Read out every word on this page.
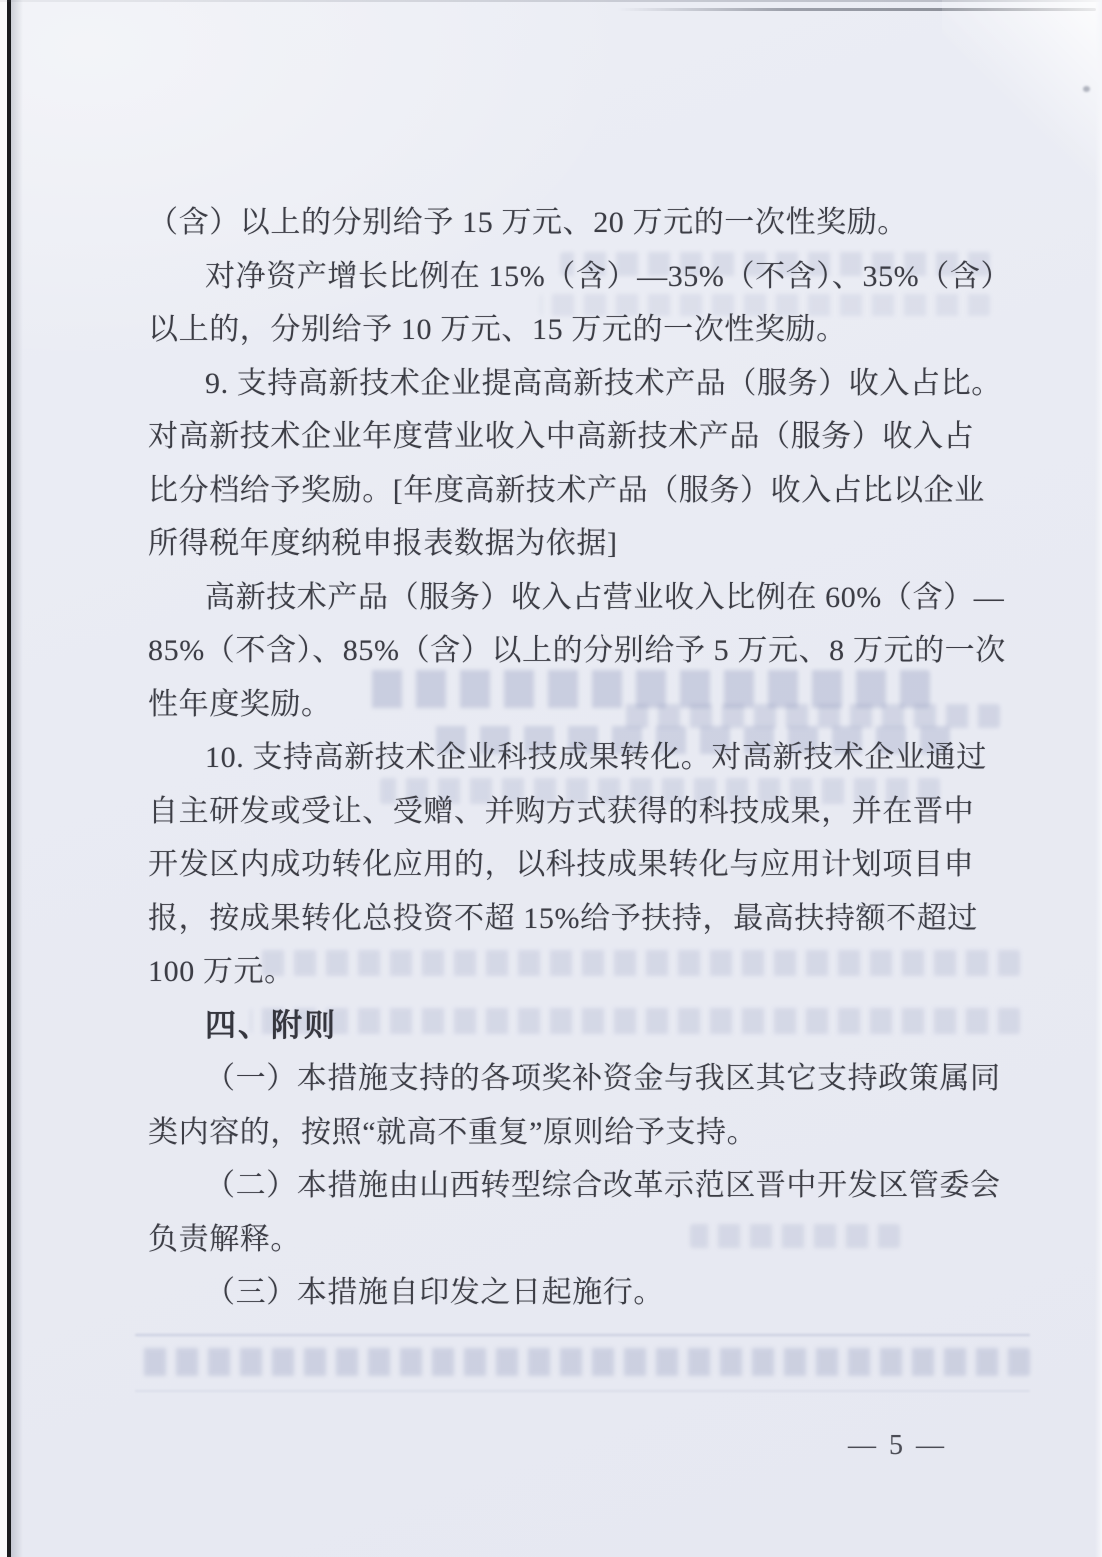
（含）以上的分别给予 15 万元、20 万元的一次性奖励。
对净资产增长比例在 15%（含）—35%（不含）、35%（含）
以上的，分别给予 10 万元、15 万元的一次性奖励。
9. 支持高新技术企业提高高新技术产品（服务）收入占比。
对高新技术企业年度营业收入中高新技术产品（服务）收入占
比分档给予奖励。[年度高新技术产品（服务）收入占比以企业
所得税年度纳税申报表数据为依据]
高新技术产品（服务）收入占营业收入比例在 60%（含）—
85%（不含）、85%（含）以上的分别给予 5 万元、8 万元的一次
性年度奖励。
10. 支持高新技术企业科技成果转化。对高新技术企业通过
自主研发或受让、受赠、并购方式获得的科技成果，并在晋中
开发区内成功转化应用的，以科技成果转化与应用计划项目申
报，按成果转化总投资不超 15%给予扶持，最高扶持额不超过
100 万元。
四、附则
（一）本措施支持的各项奖补资金与我区其它支持政策属同
类内容的，按照“就高不重复”原则给予支持。
（二）本措施由山西转型综合改革示范区晋中开发区管委会
负责解释。
（三）本措施自印发之日起施行。
— 5 —
